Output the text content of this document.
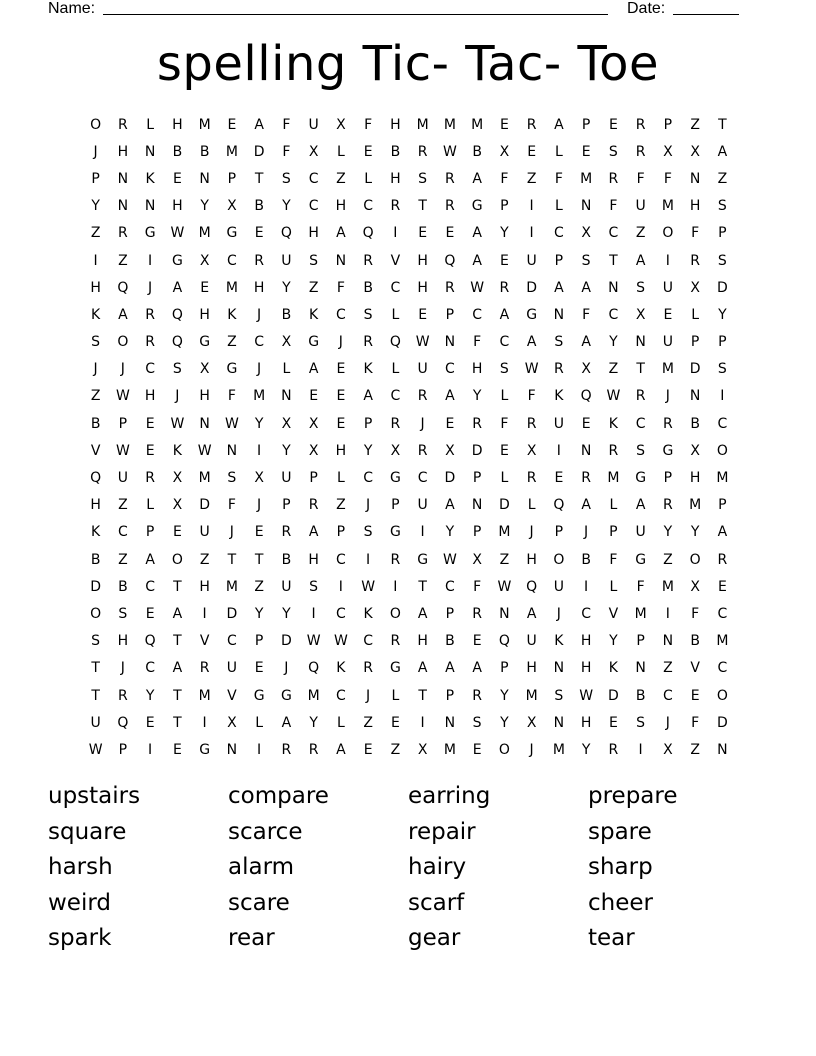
Name:	Date:
spelling Tic- Tac- Toe
O	R	L	H	M	E	A	F	U	X	F	H	M	M	M	E	R	A	P	E	R	P	Z	T
J	H	N	B	B	M	D	F	X	L	E	B	R	W	B	X	E	L	E	S	R	X	X	A
P	N	K	E	N	P	T	S	C	Z	L	H	S	R	A	F	Z	F	M	R	F	F	N	Z
Y	N	N	H	Y	X	B	Y	C	H	C	R	T	R	G	P	I	L	N	F	U	M	H	S
Z	R	G	W	M	G	E	Q	H	A	Q	I	E	E	A	Y	I	C	X	C	Z	O	F	P
I	Z	I	G	X	C	R	U	S	N	R	V	H	Q	A	E	U	P	S	T	A	I	R	S
H	Q	J	A	E	M	H	Y	Z	F	B	C	H	R	W	R	D	A	A	N	S	U	X	D
K	A	R	Q	H	K	J	B	K	C	S	L	E	P	C	A	G	N	F	C	X	E	L	Y
S	O	R	Q	G	Z	C	X	G	J	R	Q	W	N	F	C	A	S	A	Y	N	U	P	P
J	J	C	S	X	G	J	L	A	E	K	L	U	C	H	S	W	R	X	Z	T	M	D	S
Z	W	H	J	H	F	M	N	E	E	A	C	R	A	Y	L	F	K	Q	W	R	J	N	I
B	P	E	W	N	W	Y	X	X	E	P	R	J	E	R	F	R	U	E	K	C	R	B	C
V	W	E	K	W	N	I	Y	X	H	Y	X	R	X	D	E	X	I	N	R	S	G	X	O
Q	U	R	X	M	S	X	U	P	L	C	G	C	D	P	L	R	E	R	M	G	P	H	M
H	Z	L	X	D	F	J	P	R	Z	J	P	U	A	N	D	L	Q	A	L	A	R	M	P
K	C	P	E	U	J	E	R	A	P	S	G	I	Y	P	M	J	P	J	P	U	Y	Y	A
B	Z	A	O	Z	T	T	B	H	C	I	R	G	W	X	Z	H	O	B	F	G	Z	O	R
D	B	C	T	H	M	Z	U	S	I	W	I	T	C	F	W	Q	U	I	L	F	M	X	E
O	S	E	A	I	D	Y	Y	I	C	K	O	A	P	R	N	A	J	C	V	M	I	F	C
S	H	Q	T	V	C	P	D	W W	C	R	H	B	E	Q	U	K	H	Y	P	N	B	M
T	J	C	A	R	U	E	J	Q	K	R	G	A	A	A	P	H	N	H	K	N	Z	V	C
T	R	Y	T	M	V	G	G	M	C	J	L	T	P	R	Y	M	S	W	D	B	C	E	O
U	Q	E	T	I	X	L	A	Y	L	Z	E	I	N	S	Y	X	N	H	E	S	J	F	D
W	P	I	E	G	N	I	R	R	A	E	Z	X	M	E	O	J	M	Y	R	I	X	Z	N
upstairs	compare	earring	prepare
square	scarce	repair	spare
harsh	alarm	hairy	sharp
weird	scare	scarf	cheer
spark	rear	gear	tear
